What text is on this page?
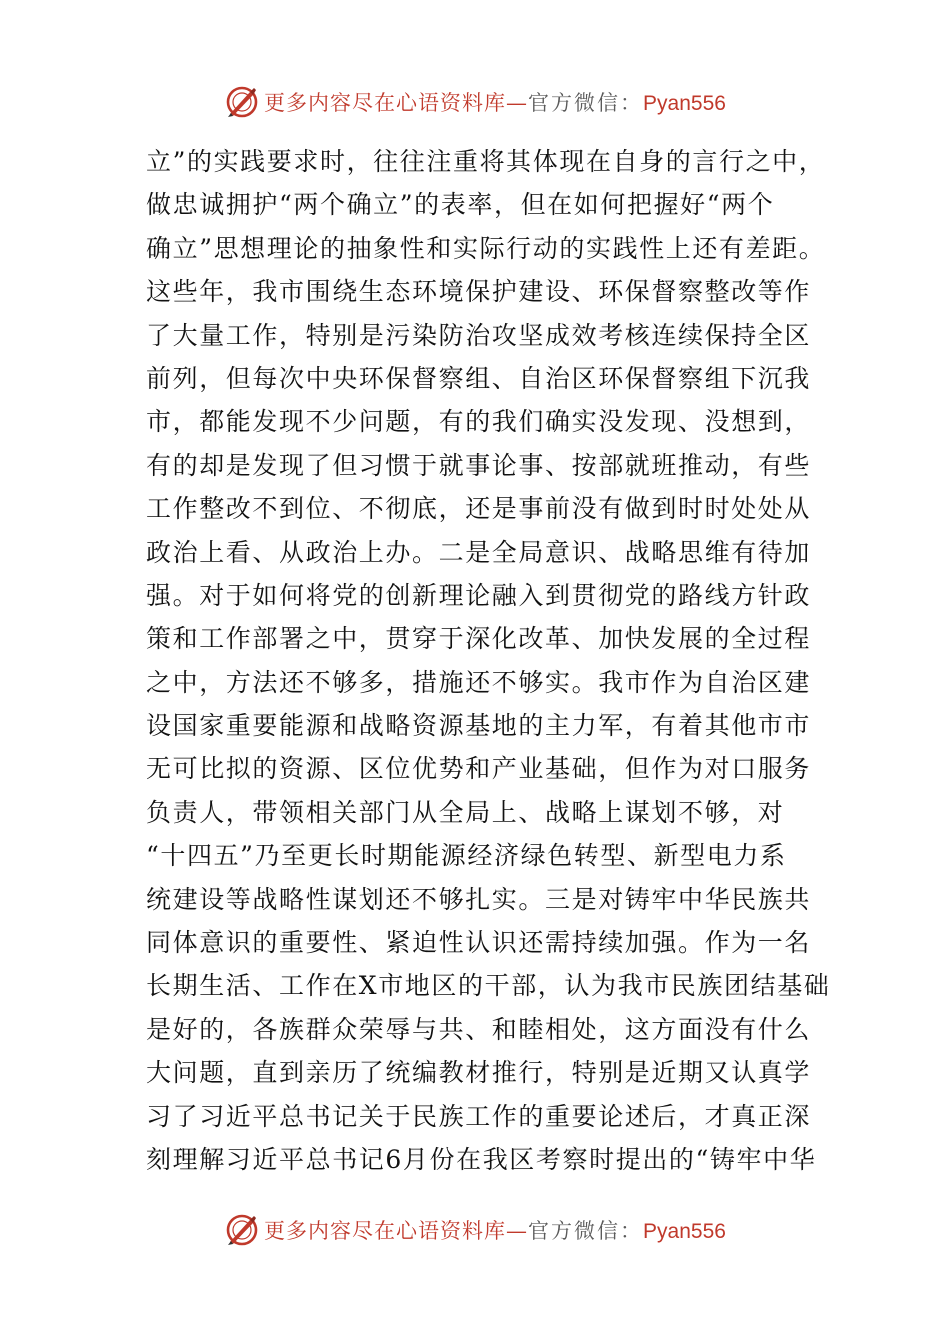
更多内容尽在心语资料库—官方微信：Pyan556
立”的实践要求时，往往注重将其体现在自身的言行之中，
做忠诚拥护“两个确立”的表率，但在如何把握好“两个
确立”思想理论的抽象性和实际行动的实践性上还有差距。
这些年，我市围绕生态环境保护建设、环保督察整改等作
了大量工作，特别是污染防治攻坚成效考核连续保持全区
前列，但每次中央环保督察组、自治区环保督察组下沉我
市，都能发现不少问题，有的我们确实没发现、没想到，
有的却是发现了但习惯于就事论事、按部就班推动，有些
工作整改不到位、不彻底，还是事前没有做到时时处处从
政治上看、从政治上办。二是全局意识、战略思维有待加
强。对于如何将党的创新理论融入到贯彻党的路线方针政
策和工作部署之中，贯穿于深化改革、加快发展的全过程
之中，方法还不够多，措施还不够实。我市作为自治区建
设国家重要能源和战略资源基地的主力军，有着其他市市
无可比拟的资源、区位优势和产业基础，但作为对口服务
负责人，带领相关部门从全局上、战略上谋划不够，对
“十四五”乃至更长时期能源经济绿色转型、新型电力系
统建设等战略性谋划还不够扎实。三是对铸牢中华民族共
同体意识的重要性、紧迫性认识还需持续加强。作为一名
长期生活、工作在X市地区的干部，认为我市民族团结基础
是好的，各族群众荣辱与共、和睦相处，这方面没有什么
大问题，直到亲历了统编教材推行，特别是近期又认真学
习了习近平总书记关于民族工作的重要论述后，才真正深
刻理解习近平总书记6月份在我区考察时提出的“铸牢中华
更多内容尽在心语资料库—官方微信：Pyan556
